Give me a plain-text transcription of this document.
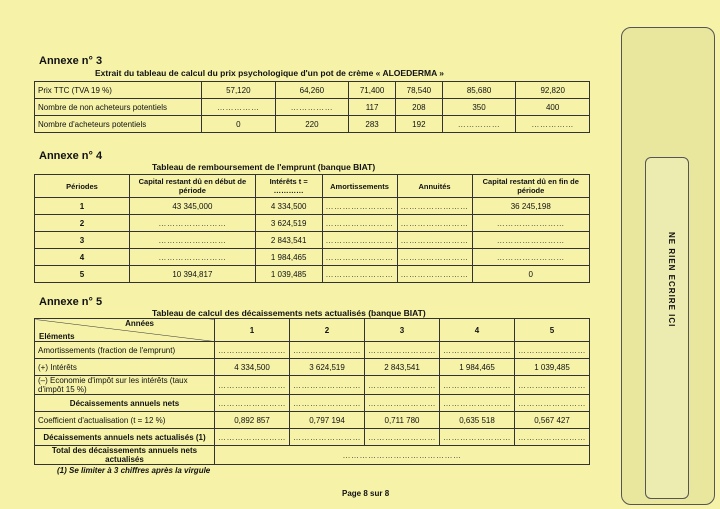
Annexe n° 3
Extrait du tableau de calcul du prix psychologique d'un pot de crème « ALOEDERMA »
Prix TTC (TVA 19 %)	57,120	64,260	71,400	78,540	85,680	92,820
Nombre de non acheteurs potentiels	……………	……………	117	208	350	400
Nombre d'acheteurs potentiels	0	220	283	192	……………	……………
Annexe n° 4
Tableau de remboursement de l'emprunt (banque BIAT)
Périodes	Capital restant dû en début de période	Intérêts t = …………	Amortissements	Annuités	Capital restant dû en fin de période
1	43 345,000	4 334,500	……………………	……………………	36 245,198
2	……………………	3 624,519	……………………	……………………	……………………
3	……………………	2 843,541	……………………	……………………	……………………
4	……………………	1 984,465	……………………	……………………	……………………
5	10 394,817	1 039,485	……………………	……………………	0
Annexe n° 5
Tableau de calcul des décaissements nets actualisés (banque BIAT)
Années
Eléments	1	2	3	4	5
Amortissements (fraction de l'emprunt)	……………………	……………………	……………………	……………………	……………………
(+) Intérêts	4 334,500	3 624,519	2 843,541	1 984,465	1 039,485
(–) Economie d'impôt sur les intérêts (taux d'impôt 15 %)	……………………	……………………	……………………	……………………	……………………
Décaissements annuels nets	……………………	……………………	……………………	……………………	……………………
Coefficient d'actualisation (t = 12 %)	0,892 857	0,797 194	0,711 780	0,635 518	0,567 427
Décaissements annuels nets actualisés (1)	……………………	……………………	……………………	……………………	……………………
Total des décaissements annuels nets actualisés	……………………………………				
(1) Se limiter à 3 chiffres après la virgule
Page 8 sur 8
NE RIEN ECRIRE ICI
